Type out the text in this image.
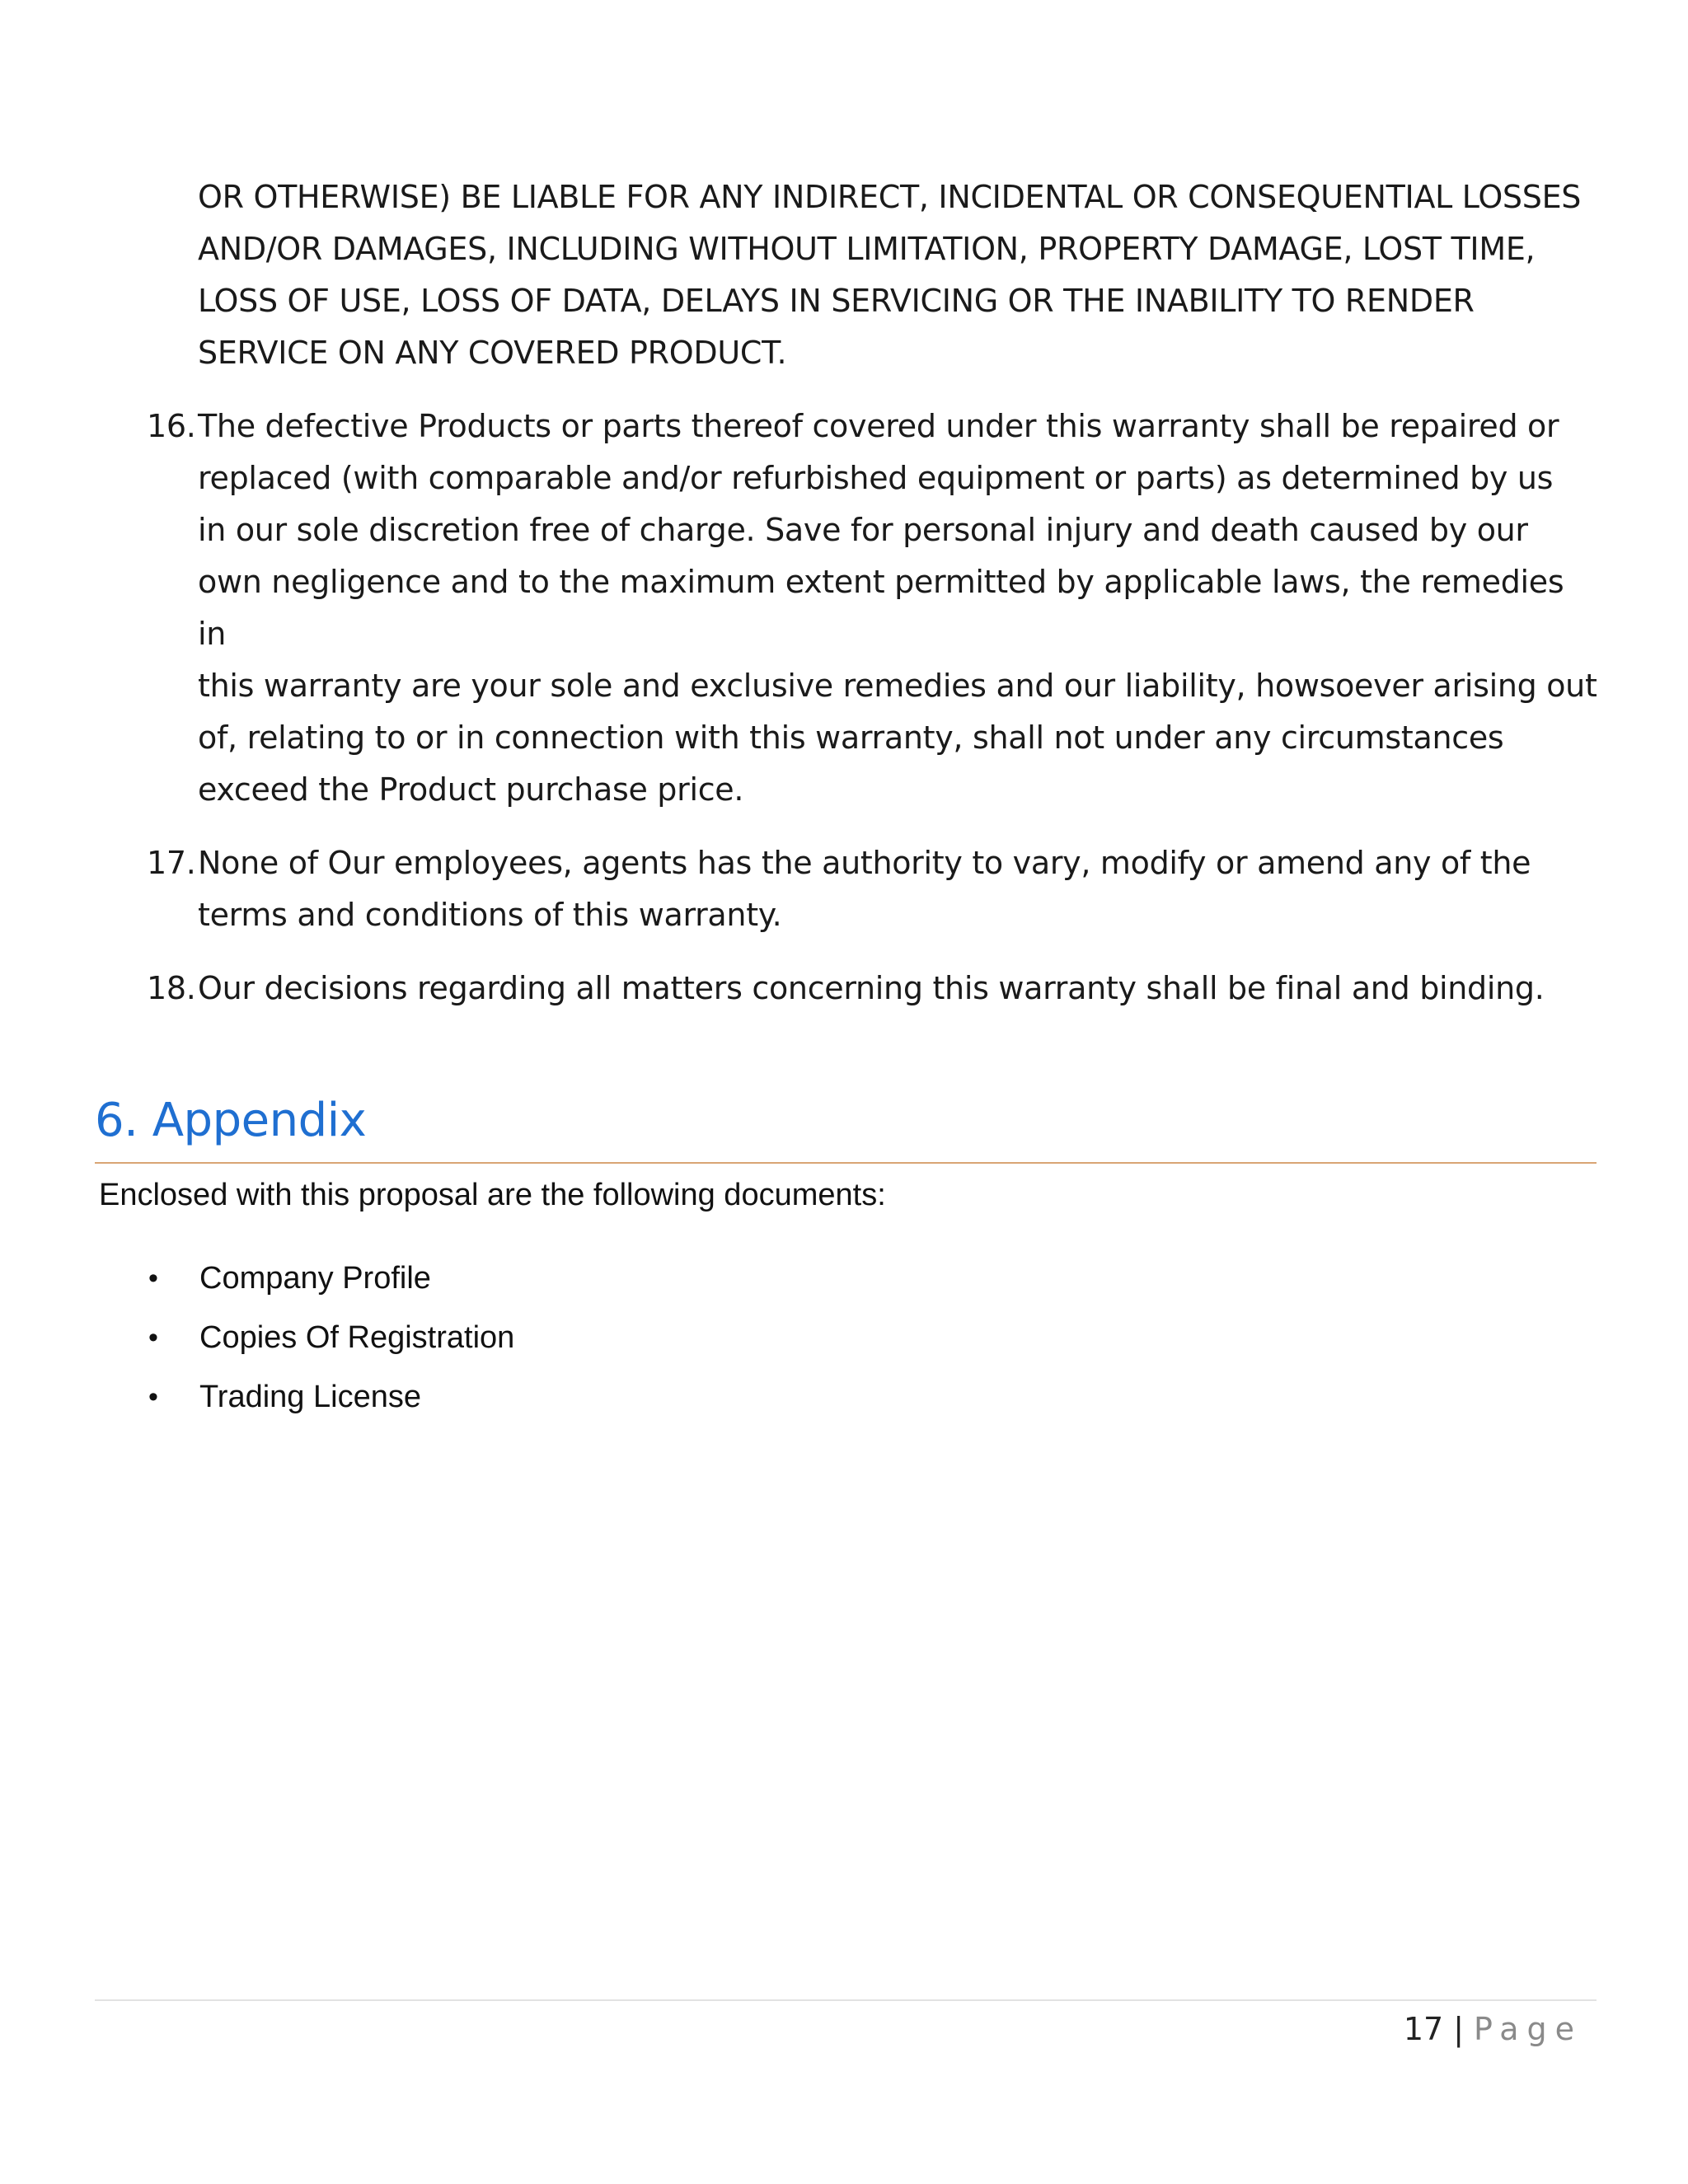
OR OTHERWISE) BE LIABLE FOR ANY INDIRECT, INCIDENTAL OR CONSEQUENTIAL LOSSES
AND/OR DAMAGES, INCLUDING WITHOUT LIMITATION, PROPERTY DAMAGE, LOST TIME,
LOSS OF USE, LOSS OF DATA, DELAYS IN SERVICING OR THE INABILITY TO RENDER
SERVICE ON ANY COVERED PRODUCT.
16. The defective Products or parts thereof covered under this warranty shall be repaired or
replaced (with comparable and/or refurbished equipment or parts) as determined by us
in our sole discretion free of charge. Save for personal injury and death caused by our
own negligence and to the maximum extent permitted by applicable laws, the remedies in
this warranty are your sole and exclusive remedies and our liability, howsoever arising out
of, relating to or in connection with this warranty, shall not under any circumstances
exceed the Product purchase price.
17. None of Our employees, agents has the authority to vary, modify or amend any of the
terms and conditions of this warranty.
18. Our decisions regarding all matters concerning this warranty shall be final and binding.
6. Appendix
Enclosed with this proposal are the following documents:
• Company Profile
• Copies Of Registration
• Trading License
17 | Page
